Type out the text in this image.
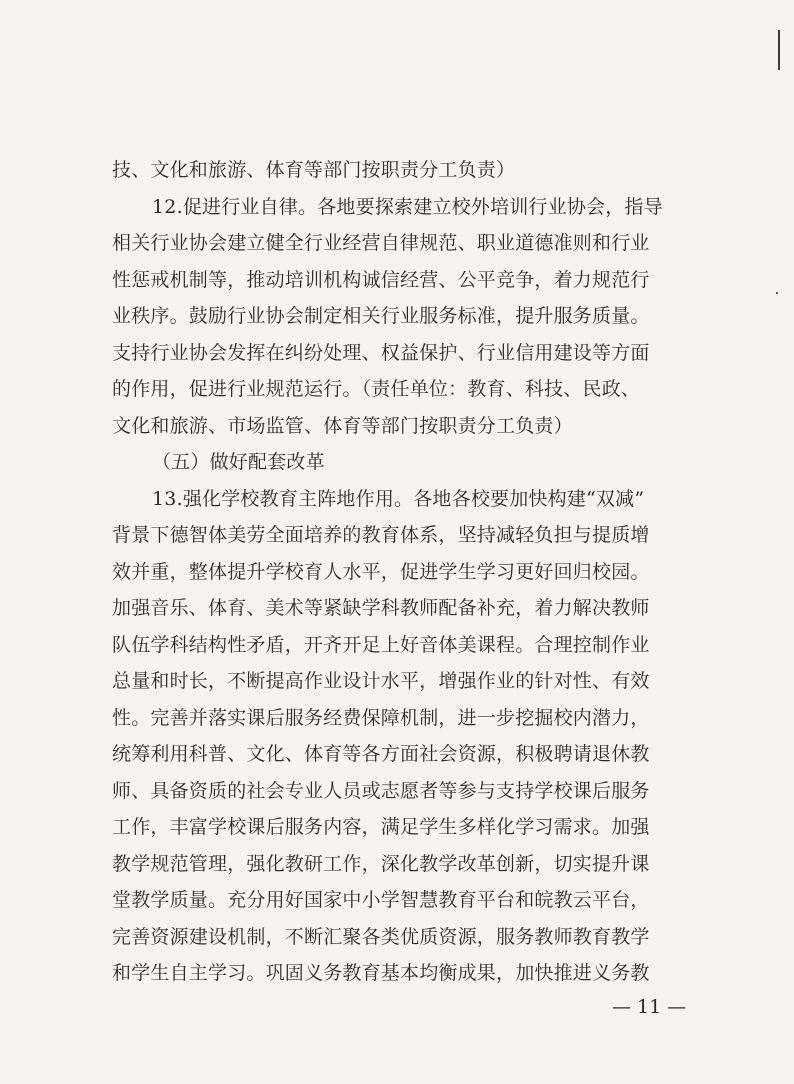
技、文化和旅游、体育等部门按职责分工负责）
12.促进行业自律。各地要探索建立校外培训行业协会，指导
相关行业协会建立健全行业经营自律规范、职业道德准则和行业
性惩戒机制等，推动培训机构诚信经营、公平竞争，着力规范行
业秩序。鼓励行业协会制定相关行业服务标准，提升服务质量。
支持行业协会发挥在纠纷处理、权益保护、行业信用建设等方面
的作用，促进行业规范运行。（责任单位：教育、科技、民政、
文化和旅游、市场监管、体育等部门按职责分工负责）
（五）做好配套改革
13.强化学校教育主阵地作用。各地各校要加快构建“双减”
背景下德智体美劳全面培养的教育体系，坚持减轻负担与提质增
效并重，整体提升学校育人水平，促进学生学习更好回归校园。
加强音乐、体育、美术等紧缺学科教师配备补充，着力解决教师
队伍学科结构性矛盾，开齐开足上好音体美课程。合理控制作业
总量和时长，不断提高作业设计水平，增强作业的针对性、有效
性。完善并落实课后服务经费保障机制，进一步挖掘校内潜力，
统筹利用科普、文化、体育等各方面社会资源，积极聘请退休教
师、具备资质的社会专业人员或志愿者等参与支持学校课后服务
工作，丰富学校课后服务内容，满足学生多样化学习需求。加强
教学规范管理，强化教研工作，深化教学改革创新，切实提升课
堂教学质量。充分用好国家中小学智慧教育平台和皖教云平台，
完善资源建设机制，不断汇聚各类优质资源，服务教师教育教学
和学生自主学习。巩固义务教育基本均衡成果，加快推进义务教
— 11 —
